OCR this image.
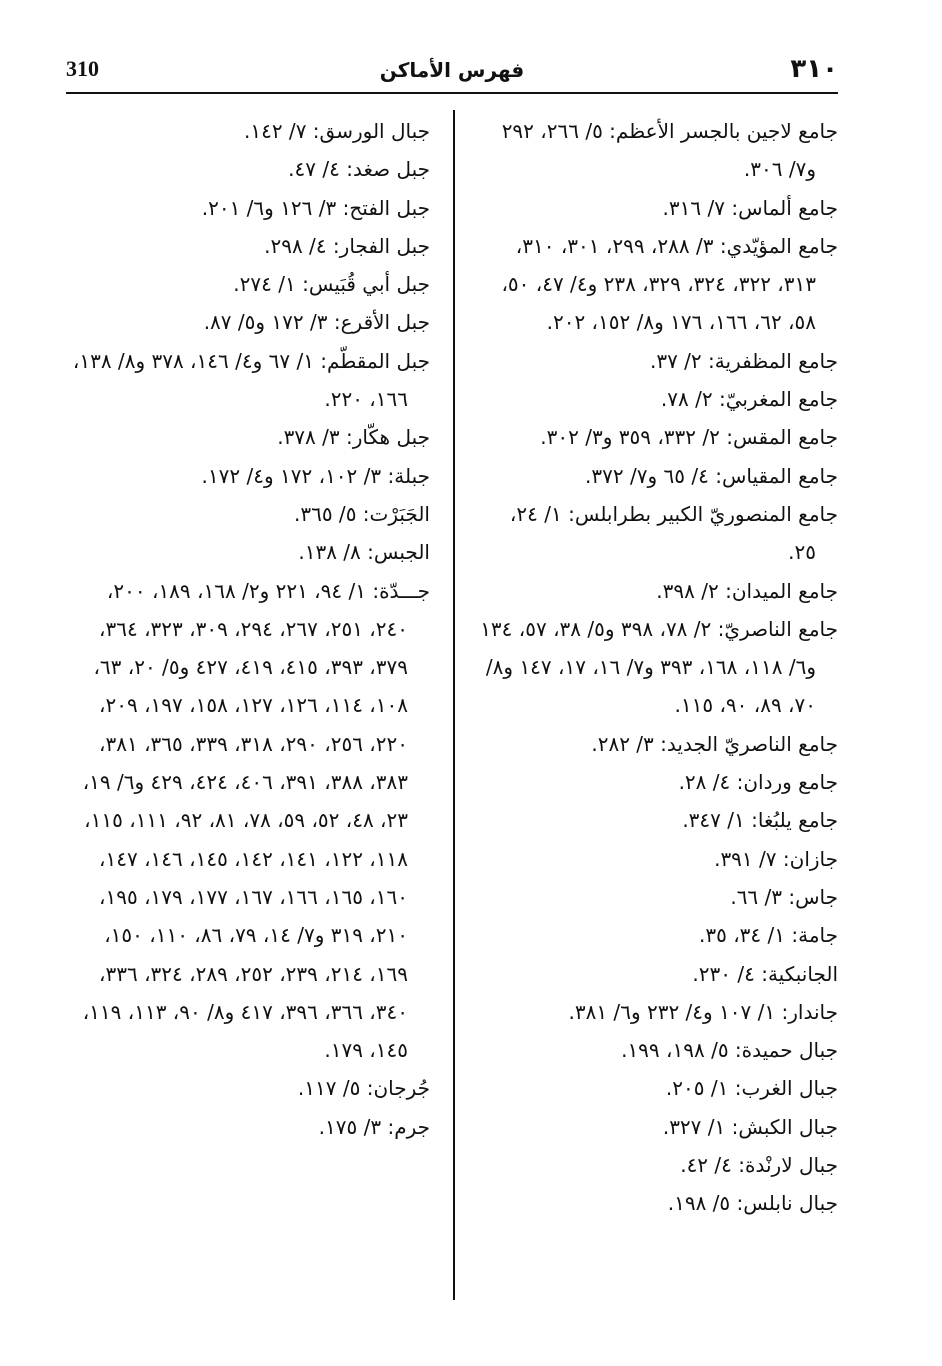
٣١٠
فهرس الأماكن
310

جامع لاجين بالجسر الأعظم: ٥/ ٢٦٦، ٢٩٢ و٧/ ٣٠٦.

جامع ألماس: ٧/ ٣١٦.

جامع المؤيّدي: ٣/ ٢٨٨، ٢٩٩، ٣٠١، ٣١٠، ٣١٣، ٣٢٢، ٣٢٤، ٣٢٩، ٢٣٨ و٤/ ٤٧، ٥٠، ٥٨، ٦٢، ١٦٦، ١٧٦ و٨/ ١٥٢، ٢٠٢.

جامع المظفرية: ٢/ ٣٧.

جامع المغربيّ: ٢/ ٧٨.

جامع المقس: ٢/ ٣٣٢، ٣٥٩ و٣/ ٣٠٢.

جامع المقياس: ٤/ ٦٥ و٧/ ٣٧٢.

جامع المنصوريّ الكبير بطرابلس: ١/ ٢٤، ٢٥.

جامع الميدان: ٢/ ٣٩٨.

جامع الناصريّ: ٢/ ٧٨، ٣٩٨ و٥/ ٣٨، ٥٧، ١٣٤ و٦/ ١١٨، ١٦٨، ٣٩٣ و٧/ ١٦، ١٧، ١٤٧ و٨/ ٧٠، ٨٩، ٩٠، ١١٥.

جامع الناصريّ الجديد: ٣/ ٢٨٢.

جامع وردان: ٤/ ٢٨.

جامع يلبُغا: ١/ ٣٤٧.

جازان: ٧/ ٣٩١.

جاس: ٣/ ٦٦.

جامة: ١/ ٣٤، ٣٥.

الجانبكية: ٤/ ٢٣٠.

جاندار: ١/ ١٠٧ و٤/ ٢٣٢ و٦/ ٣٨١.

جبال حميدة: ٥/ ١٩٨، ١٩٩.

جبال الغرب: ١/ ٢٠٥.

جبال الكبش: ١/ ٣٢٧.

جبال لارنْدة: ٤/ ٤٢.

جبال نابلس: ٥/ ١٩٨.

جبال الورسق: ٧/ ١٤٢.

جبل صغد: ٤/ ٤٧.

جبل الفتح: ٣/ ١٢٦ و٦/ ٢٠١.

جبل الفجار: ٤/ ٢٩٨.

جبل أبي قُبَيس: ١/ ٢٧٤.

جبل الأقرع: ٣/ ١٧٢ و٥/ ٨٧.

جبل المقطّم: ١/ ٦٧ و٤/ ١٤٦، ٣٧٨ و٨/ ١٣٨، ١٦٦، ٢٢٠.

جبل هكّار: ٣/ ٣٧٨.

جبلة: ٣/ ١٠٢، ١٧٢ و٤/ ١٧٢.

الجَبَرْت: ٥/ ٣٦٥.

الجبس: ٨/ ١٣٨.

جـــدّة: ١/ ٩٤، ٢٢١ و٢/ ١٦٨، ١٨٩، ٢٠٠، ٢٤٠، ٢٥١، ٢٦٧، ٢٩٤، ٣٠٩، ٣٢٣، ٣٦٤، ٣٧٩، ٣٩٣، ٤١٥، ٤١٩، ٤٢٧ و٥/ ٢٠، ٦٣، ١٠٨، ١١٤، ١٢٦، ١٢٧، ١٥٨، ١٩٧، ٢٠٩، ٢٢٠، ٢٥٦، ٢٩٠، ٣١٨، ٣٣٩، ٣٦٥، ٣٨١، ٣٨٣، ٣٨٨، ٣٩١، ٤٠٦، ٤٢٤، ٤٢٩ و٦/ ١٩، ٢٣، ٤٨، ٥٢، ٥٩، ٧٨، ٨١، ٩٢، ١١١، ١١٥، ١١٨، ١٢٢، ١٤١، ١٤٢، ١٤٥، ١٤٦، ١٤٧، ١٦٠، ١٦٥، ١٦٦، ١٦٧، ١٧٧، ١٧٩، ١٩٥، ٢١٠، ٣١٩ و٧/ ١٤، ٧٩، ٨٦، ١١٠، ١٥٠، ١٦٩، ٢١٤، ٢٣٩، ٢٥٢، ٢٨٩، ٣٢٤، ٣٣٦، ٣٤٠، ٣٦٦، ٣٩٦، ٤١٧ و٨/ ٩٠، ١١٣، ١١٩، ١٤٥، ١٧٩.

جُرجان: ٥/ ١١٧.

جرم: ٣/ ١٧٥.
